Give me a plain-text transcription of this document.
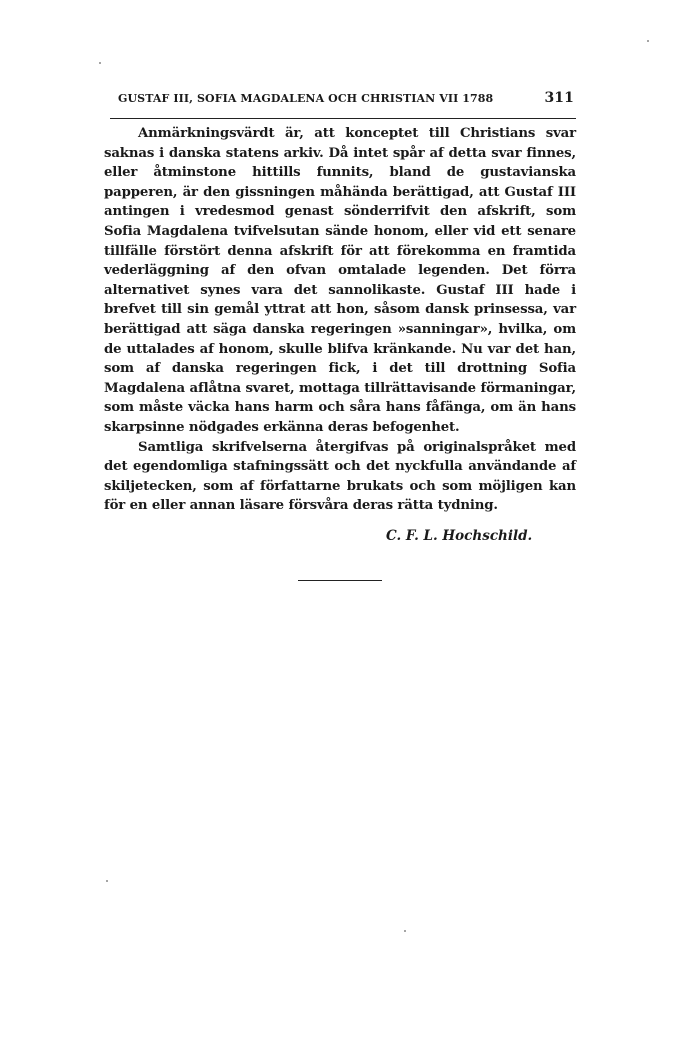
GUSTAF III, SOFIA MAGDALENA OCH CHRISTIAN VII 1788	311

Anmärkningsvärdt är, att konceptet till Christians svar saknas i danska statens arkiv. Då intet spår af detta svar finnes, eller åtminstone hittills funnits, bland de gustavianska papperen, är den gissningen måhända berättigad, att Gustaf III antingen i vredesmod genast sönderrifvit den afskrift, som Sofia Magdalena tvifvelsutan sände honom, eller vid ett senare tillfälle förstört denna afskrift för att förekomma en framtida vederläggning af den ofvan omtalade legenden. Det förra alternativet synes vara det sannolikaste. Gustaf III hade i brefvet till sin gemål yttrat att hon, såsom dansk prinsessa, var berättigad att säga danska regeringen »sanningar», hvilka, om de uttalades af honom, skulle blifva kränkande. Nu var det han, som af danska regeringen fick, i det till drottning Sofia Magdalena aflåtna svaret, mottaga tillrättavisande förmaningar, som måste väcka hans harm och såra hans fåfänga, om än hans skarpsinne nödgades erkänna deras befogenhet.

Samtliga skrifvelserna återgifvas på originalspråket med det egendomliga stafningssätt och det nyckfulla användande af skiljetecken, som af författarne brukats och som möjligen kan för en eller annan läsare försvåra deras rätta tydning.

C. F. L. Hochschild.
